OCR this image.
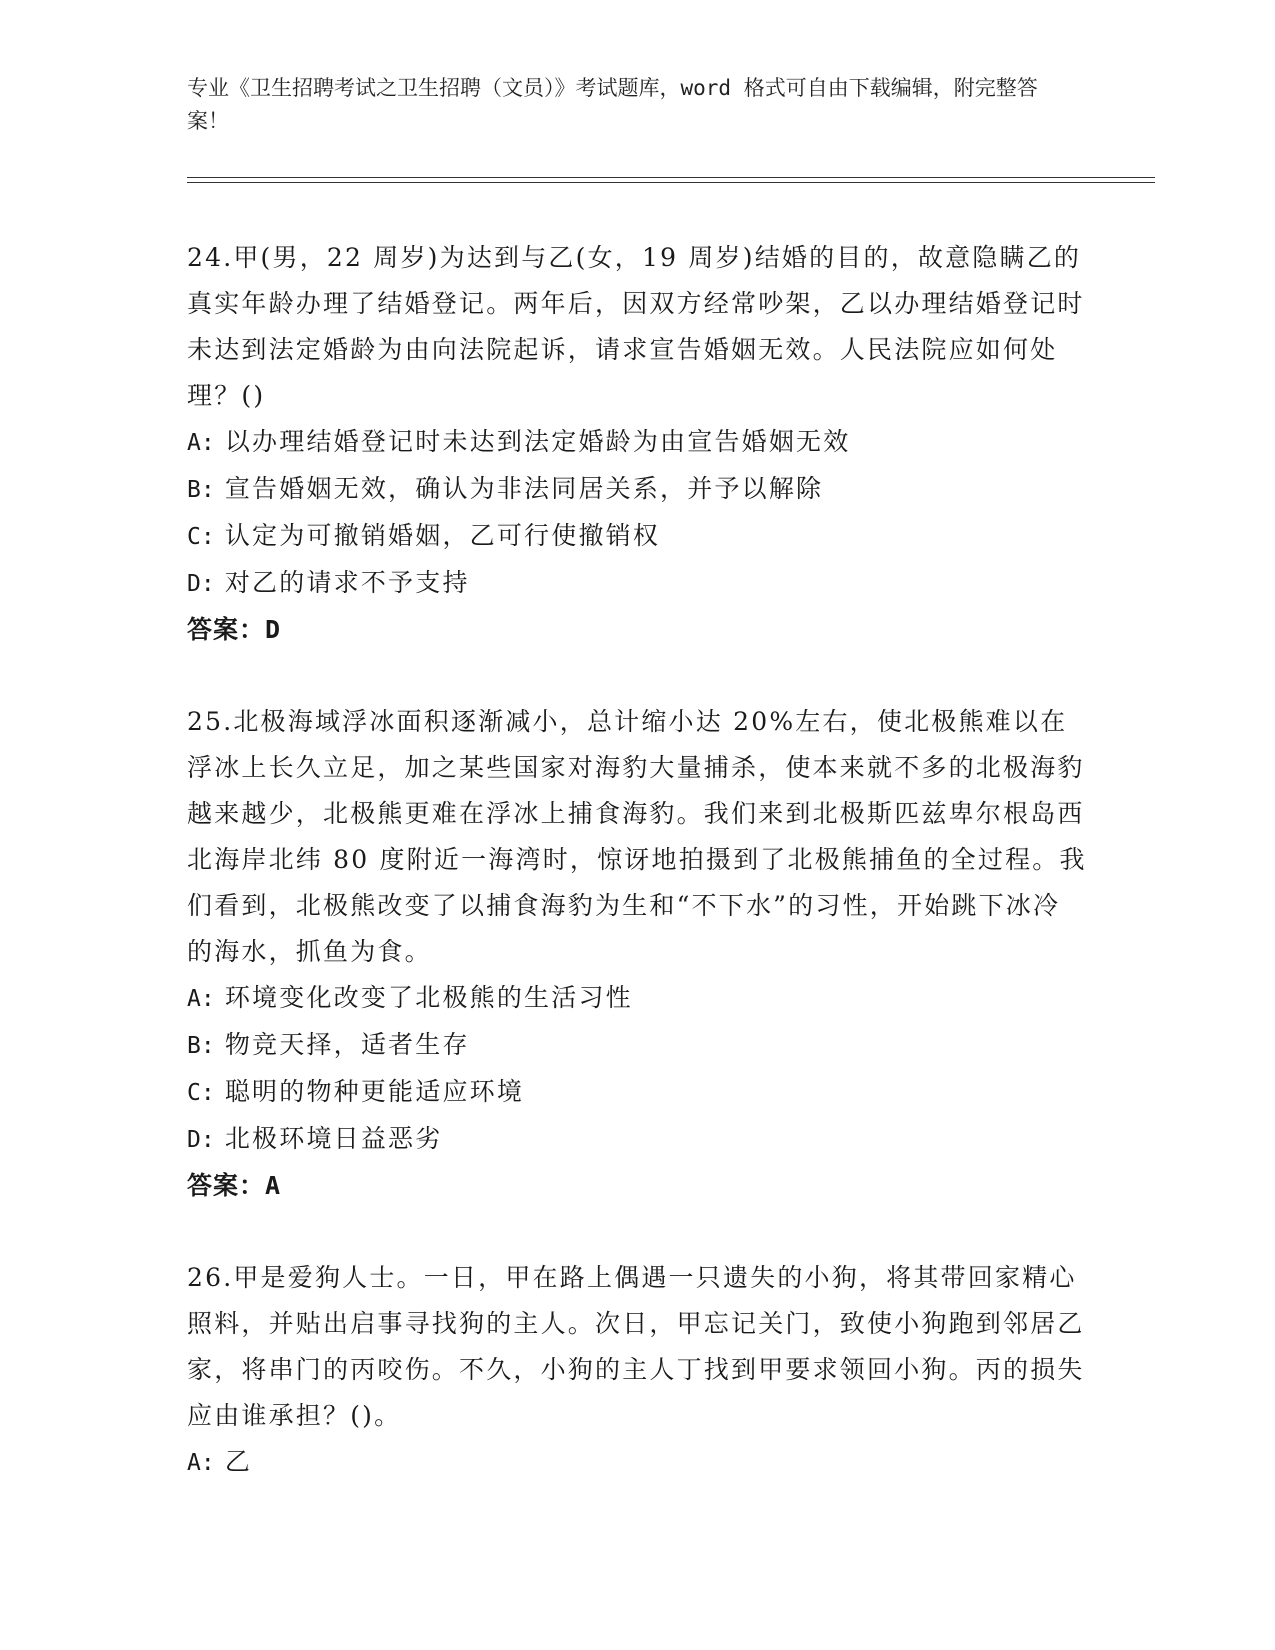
专业《卫生招聘考试之卫生招聘（文员）》考试题库，word 格式可自由下载编辑，附完整答案！

24.甲(男，22 周岁)为达到与乙(女，19 周岁)结婚的目的，故意隐瞒乙的真实年龄办理了结婚登记。两年后，因双方经常吵架，乙以办理结婚登记时未达到法定婚龄为由向法院起诉，请求宣告婚姻无效。人民法院应如何处理？()

A: 以办理结婚登记时未达到法定婚龄为由宣告婚姻无效

B: 宣告婚姻无效，确认为非法同居关系，并予以解除

C: 认定为可撤销婚姻，乙可行使撤销权

D: 对乙的请求不予支持

答案：D

25.北极海域浮冰面积逐渐减小，总计缩小达 20%左右，使北极熊难以在浮冰上长久立足，加之某些国家对海豹大量捕杀，使本来就不多的北极海豹越来越少，北极熊更难在浮冰上捕食海豹。我们来到北极斯匹兹卑尔根岛西北海岸北纬 80 度附近一海湾时，惊讶地拍摄到了北极熊捕鱼的全过程。我们看到，北极熊改变了以捕食海豹为生和“不下水”的习性，开始跳下冰冷的海水，抓鱼为食。

A: 环境变化改变了北极熊的生活习性

B: 物竞天择，适者生存

C: 聪明的物种更能适应环境

D: 北极环境日益恶劣

答案：A

26.甲是爱狗人士。一日，甲在路上偶遇一只遗失的小狗，将其带回家精心照料，并贴出启事寻找狗的主人。次日，甲忘记关门，致使小狗跑到邻居乙家，将串门的丙咬伤。不久，小狗的主人丁找到甲要求领回小狗。丙的损失应由谁承担？()。

A: 乙
